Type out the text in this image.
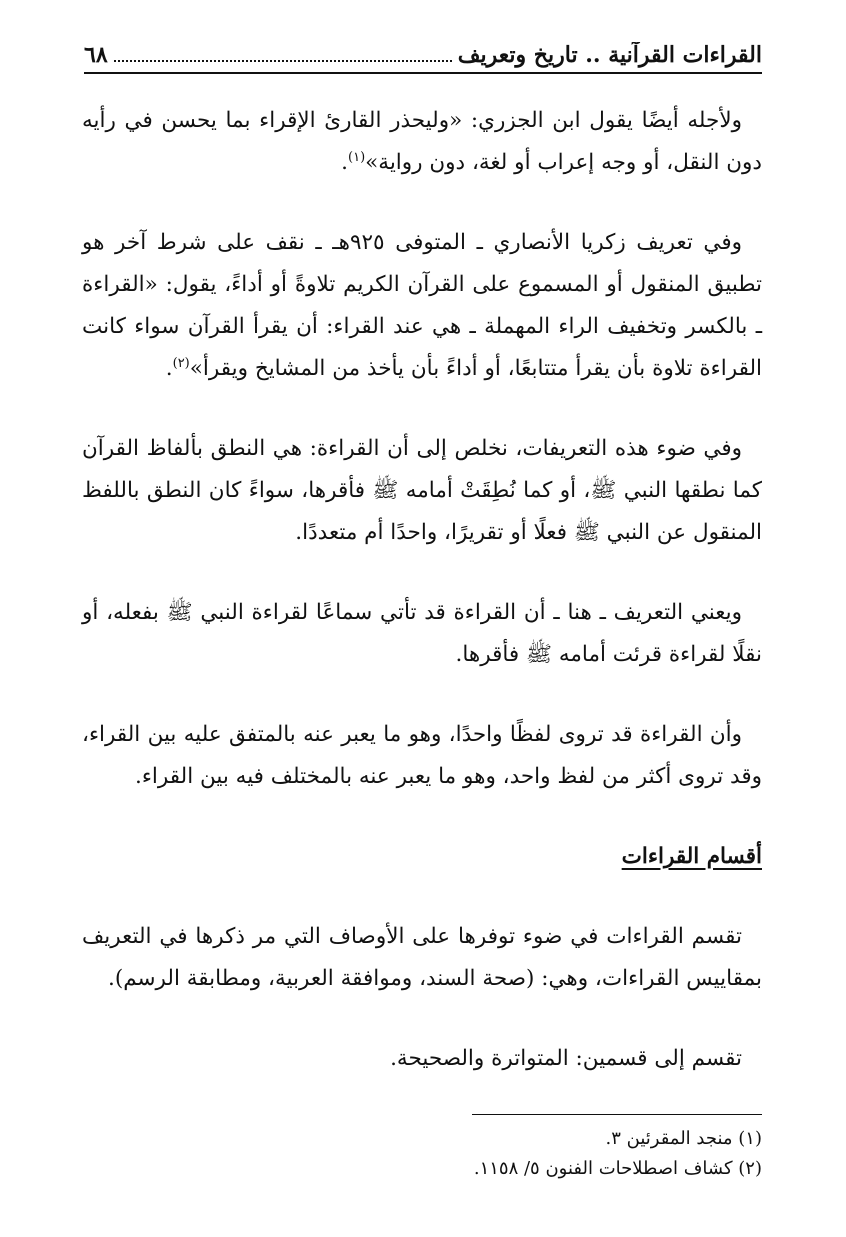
القراءات القرآنية .. تاريخ وتعريف
٦٨

ولأجله أيضًا يقول ابن الجزري: «وليحذر القارئ الإقراء بما يحسن في رأيه دون النقل، أو وجه إعراب أو لغة، دون رواية»$^{(١)}$.

وفي تعريف زكريا الأنصاري ـ المتوفى ٩٢٥هـ ـ نقف على شرط آخر هو تطبيق المنقول أو المسموع على القرآن الكريم تلاوةً أو أداءً، يقول: «القراءة ـ بالكسر وتخفيف الراء المهملة ـ هي عند القراء: أن يقرأ القرآن سواء كانت القراءة تلاوة بأن يقرأ متتابعًا، أو أداءً بأن يأخذ من المشايخ ويقرأ»$^{(٢)}$.

وفي ضوء هذه التعريفات، نخلص إلى أن القراءة: هي النطق بألفاظ القرآن كما نطقها النبي ﷺ، أو كما نُطِقَتْ أمامه ﷺ فأقرها، سواءً كان النطق باللفظ المنقول عن النبي ﷺ فعلًا أو تقريرًا، واحدًا أم متعددًا.

ويعني التعريف ـ هنا ـ أن القراءة قد تأتي سماعًا لقراءة النبي ﷺ بفعله، أو نقلًا لقراءة قرئت أمامه ﷺ فأقرها.

وأن القراءة قد تروى لفظًا واحدًا، وهو ما يعبر عنه بالمتفق عليه بين القراء، وقد تروى أكثر من لفظ واحد، وهو ما يعبر عنه بالمختلف فيه بين القراء.

أقسام القراءات

تقسم القراءات في ضوء توفرها على الأوصاف التي مر ذكرها في التعريف بمقاييس القراءات، وهي: (صحة السند، وموافقة العربية، ومطابقة الرسم).

تقسم إلى قسمين: المتواترة والصحيحة.

(١) منجد المقرئين ٣.
(٢) كشاف اصطلاحات الفنون ٥/ ١١٥٨.
